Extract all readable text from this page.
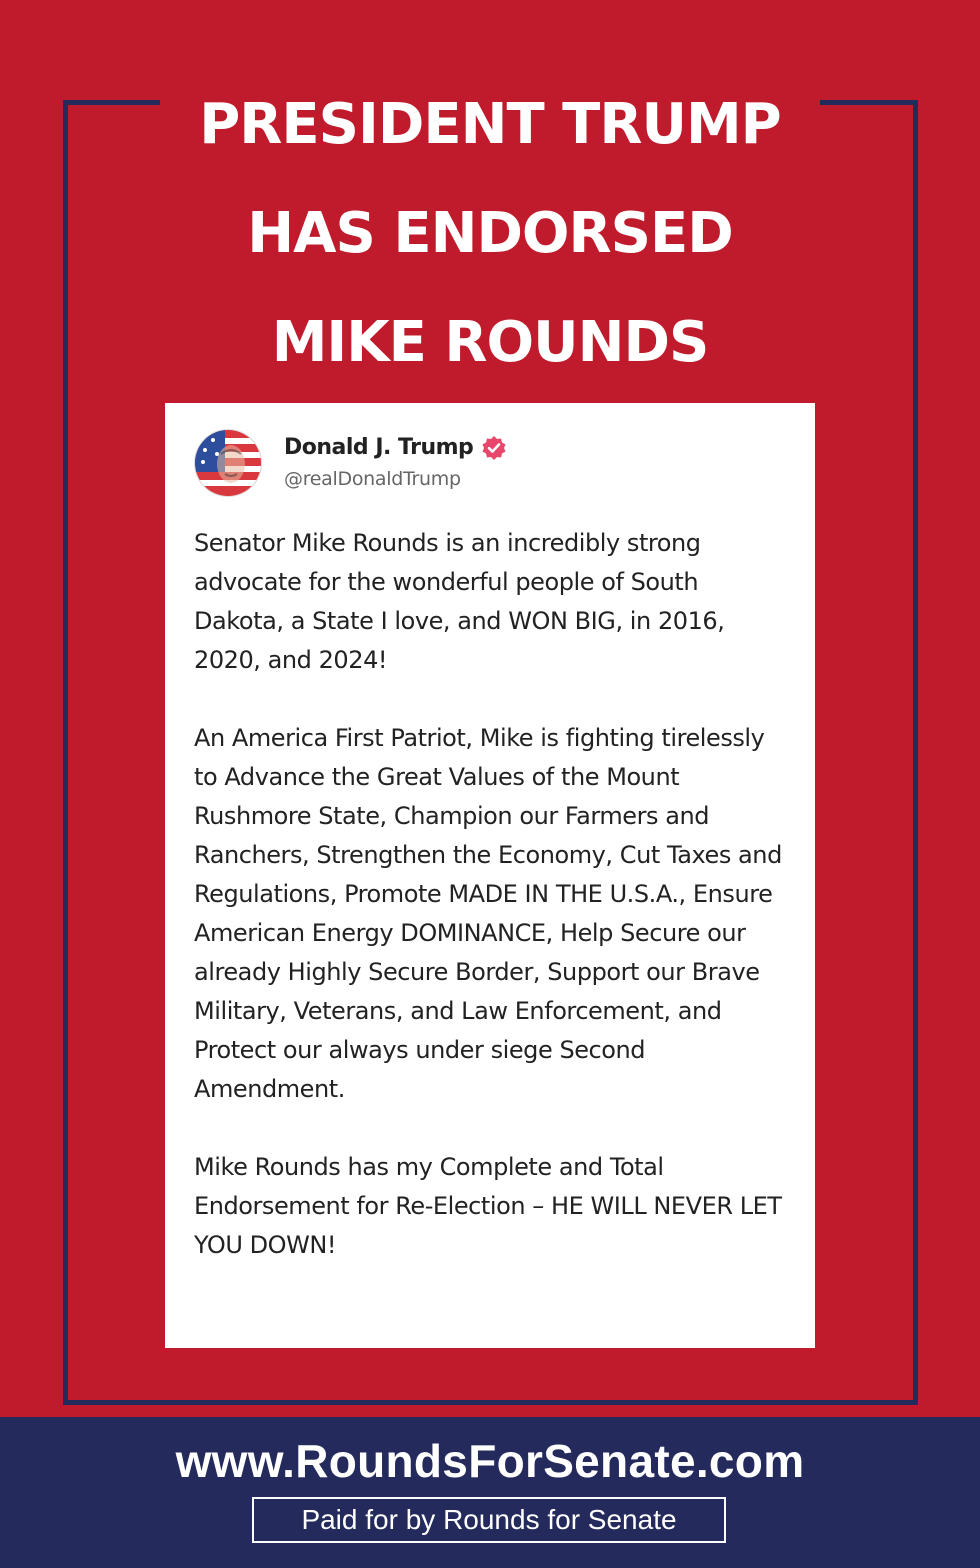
PRESIDENT TRUMP
HAS ENDORSED
MIKE ROUNDS
Donald J. Trump
@realDonaldTrump

Senator Mike Rounds is an incredibly strong advocate for the wonderful people of South Dakota, a State I love, and WON BIG, in 2016, 2020, and 2024!

An America First Patriot, Mike is fighting tirelessly to Advance the Great Values of the Mount Rushmore State, Champion our Farmers and Ranchers, Strengthen the Economy, Cut Taxes and Regulations, Promote MADE IN THE U.S.A., Ensure American Energy DOMINANCE, Help Secure our already Highly Secure Border, Support our Brave Military, Veterans, and Law Enforcement, and Protect our always under siege Second Amendment.

Mike Rounds has my Complete and Total Endorsement for Re-Election – HE WILL NEVER LET YOU DOWN!

www.RoundsForSenate.com
Paid for by Rounds for Senate
